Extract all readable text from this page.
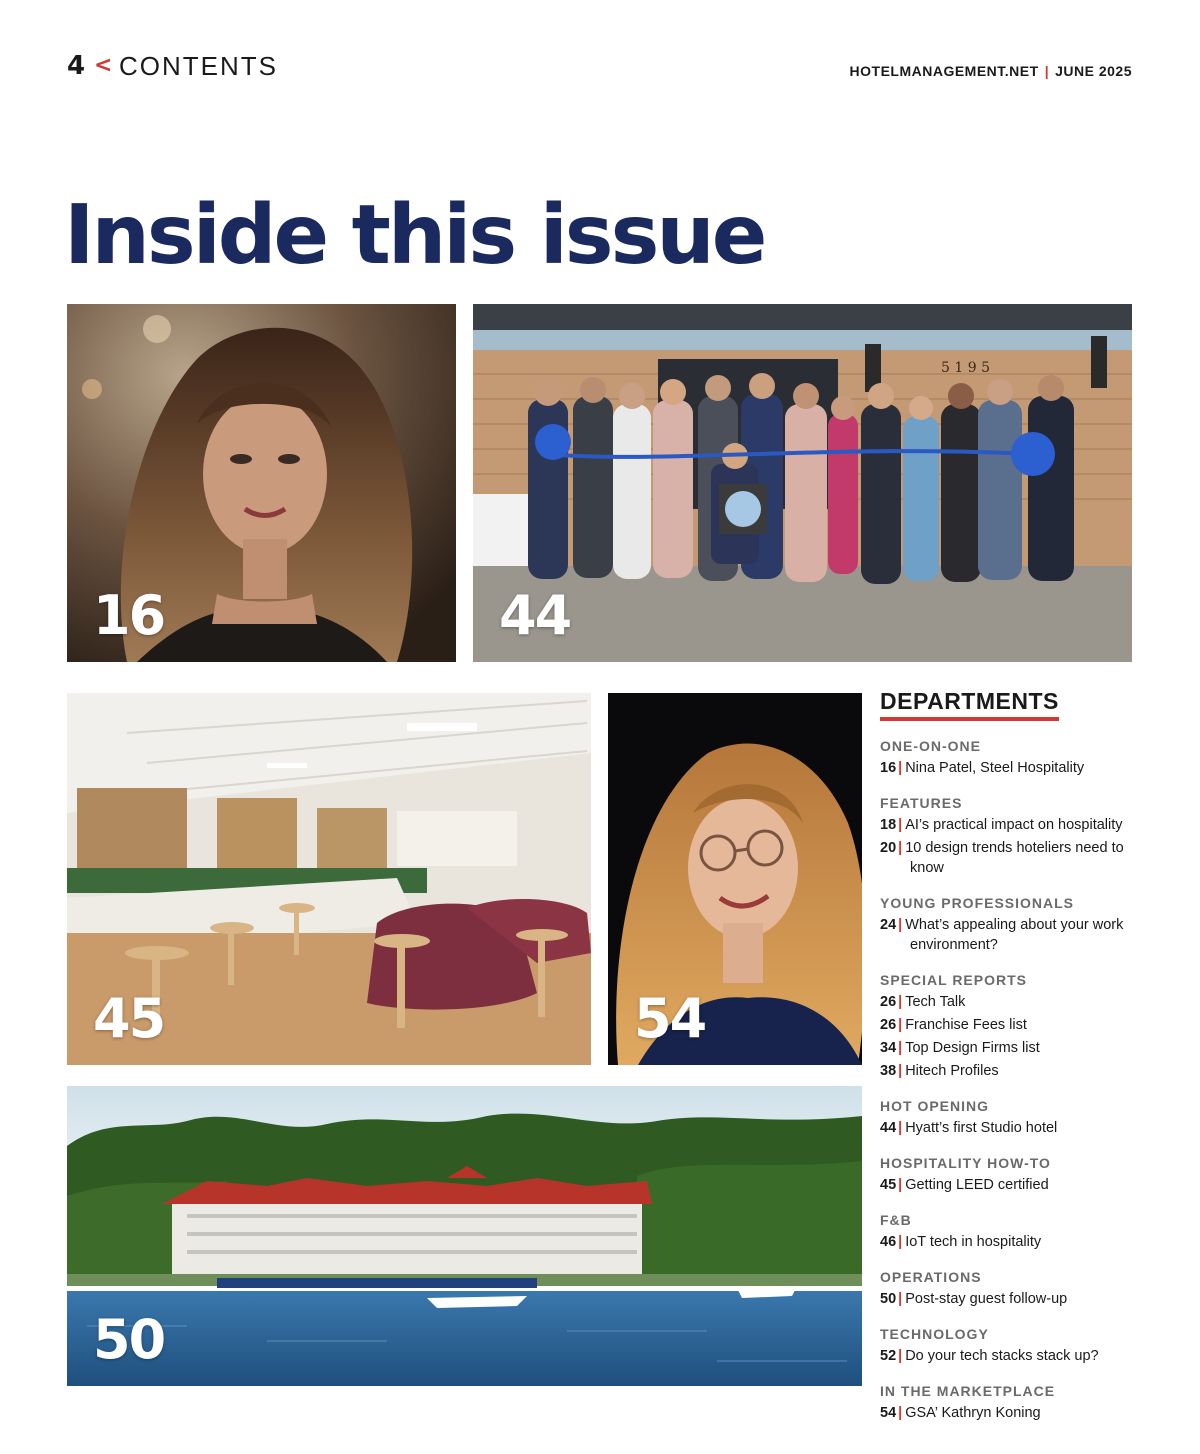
4 < CONTENTS	HOTELMANAGEMENT.NET | JUNE 2025
Inside this issue
16
5 1 9 5
44
45	54
50
DEPARTMENTS
ONE-ON-ONE
16 | Nina Patel, Steel Hospitality
FEATURES
18 | AI’s practical impact on hospitality
20 | 10 design trends hoteliers need to know
YOUNG PROFESSIONALS
24 | What’s appealing about your work environment?
SPECIAL REPORTS
26 | Tech Talk
26 | Franchise Fees list
34 | Top Design Firms list
38 | Hitech Profiles
HOT OPENING
44 | Hyatt’s first Studio hotel
HOSPITALITY HOW-TO
45 | Getting LEED certified
F&B
46 | IoT tech in hospitality
OPERATIONS
50 | Post-stay guest follow-up
TECHNOLOGY
52 | Do your tech stacks stack up?
IN THE MARKETPLACE
54 | GSA’ Kathryn Koning
